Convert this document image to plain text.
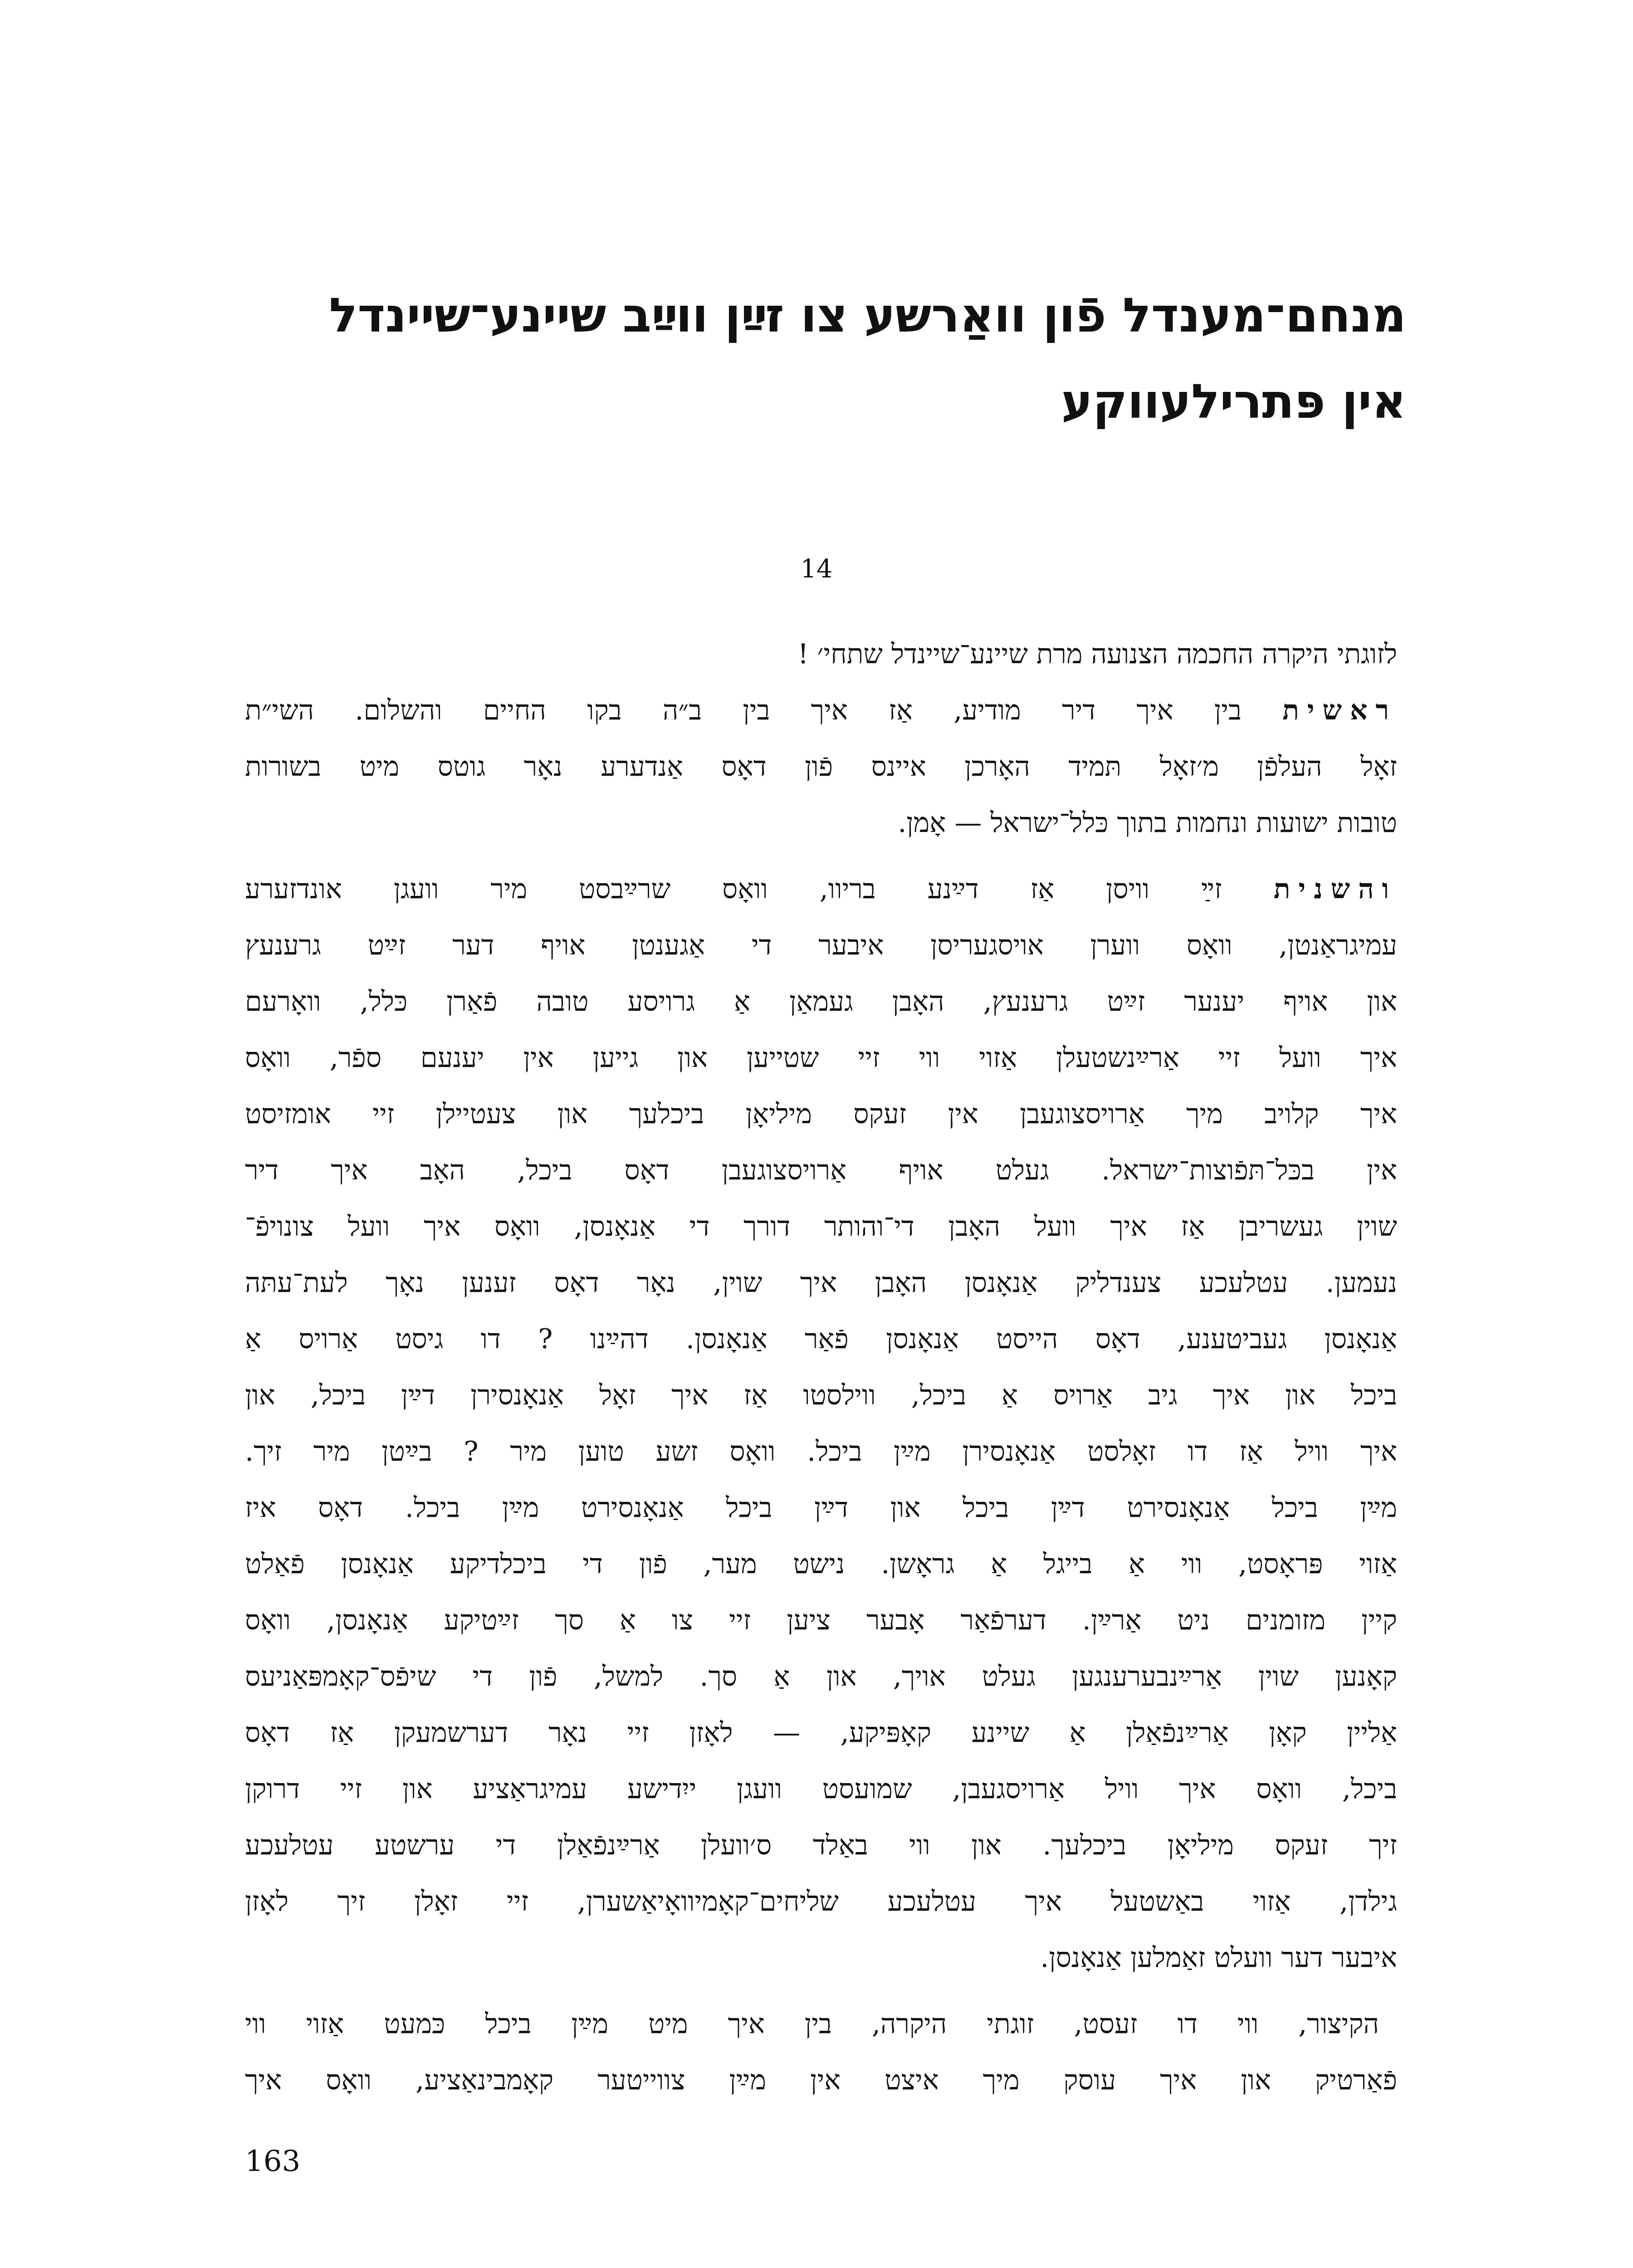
מנחם־מענדל פֿון וואַרשע צו זײַן ווײַב שיינע־שיינדל
אין פּתרילעווקע
14
לזוגתי היקרה החכמה הצנועה מרת שיינע־שיינדל שתחי׳ !
ראשית בין איך דיר מודיע, אַז איך בין ב״ה בקו החיים והשלום. השי״ת
זאָל העלפֿן מ׳זאָל תּמיד האָרכן איינס פֿון דאָס אַנדערע נאָר גוטס מיט בשורות
טובות ישועות ונחמות בתוך כּלל־ישראל — אָמן.
והשנית זײַ וויסן אַז דײַנע בריוו, וואָס שרײַבסט מיר וועגן אונדזערע
עמיגראַנטן, וואָס ווערן אויסגעריסן איבער די אַגענטן אויף דער זײַט גרענעץ
און אויף יענער זײַט גרענעץ, האָבן געמאַן אַ גרויסע טובה פֿאַרן כּלל, וואָרעם
איך וועל זיי אַרײַנשטעלן אַזוי ווי זיי שטייען און גייען אין יענעם ספֿר, וואָס
איך קלויב מיך אַרויסצוגעבן אין זעקס מיליאָן ביכלעך און צעטיילן זיי אומזיסט
אין בכּל־תּפֿוצות־ישראל. געלט אויף אַרויסצוגעבן דאָס ביכל, האָב איך דיר
שוין געשריבן אַז איך וועל האָבן די־והותר דורך די אַנאָנסן, וואָס איך וועל צונויפֿ־
נעמען. עטלעכע צענדליק אַנאָנסן האָבן איך שוין, נאָר דאָס זענען נאָך לעת־עתּה
אַנאָנסן געביטענע, דאָס הייסט אַנאָנסן פֿאַר אַנאָנסן. דהײַנו ? דו גיסט אַרויס אַ
ביכל און איך גיב אַרויס אַ ביכל, ווילסטו אַז איך זאָל אַנאָנסירן דײַן ביכל, און
איך וויל אַז דו זאָלסט אַנאָנסירן מײַן ביכל. וואָס זשע טוען מיר ? בײַטן מיר זיך.
מײַן ביכל אַנאָנסירט דײַן ביכל און דײַן ביכל אַנאָנסירט מײַן ביכל. דאָס איז
אַזוי פּראָסט, ווי אַ בייגל אַ גראָשן. נישט מער, פֿון די ביכלדיקע אַנאָנסן פֿאַלט
קיין מזומנים ניט אַרײַן. דערפֿאַר אָבער ציען זיי צו אַ סך זײַטיקע אַנאָנסן, וואָס
קאָנען שוין אַרײַנבערענגען געלט אויך, און אַ סך. למשל, פֿון די שיפֿס־קאָמפּאַניעס
אַליין קאָן אַרײַנפֿאַלן אַ שיינע קאָפּיקע, — לאָזן זיי נאָר דערשמעקן אַז דאָס
ביכל, וואָס איך וויל אַרויסגעבן, שמועסט וועגן ייִדישע עמיגראַציע און זיי דרוקן
זיך זעקס מיליאָן ביכלעך. און ווי באַלד ס׳וועלן אַרײַנפֿאַלן די ערשטע עטלעכע
גילדן, אַזוי באַשטעל איך עטלעכע שליחים־קאָמיוואָיאַשערן, זיי זאָלן זיך לאָזן
איבער דער וועלט זאַמלען אַנאָנסן.
הקיצור, ווי דו זעסט, זוגתי היקרה, בין איך מיט מײַן ביכל כּמעט אַזוי ווי
פֿאַרטיק און איך עוסק מיך איצט אין מײַן צווייטער קאָמבינאַציע, וואָס איך
163
